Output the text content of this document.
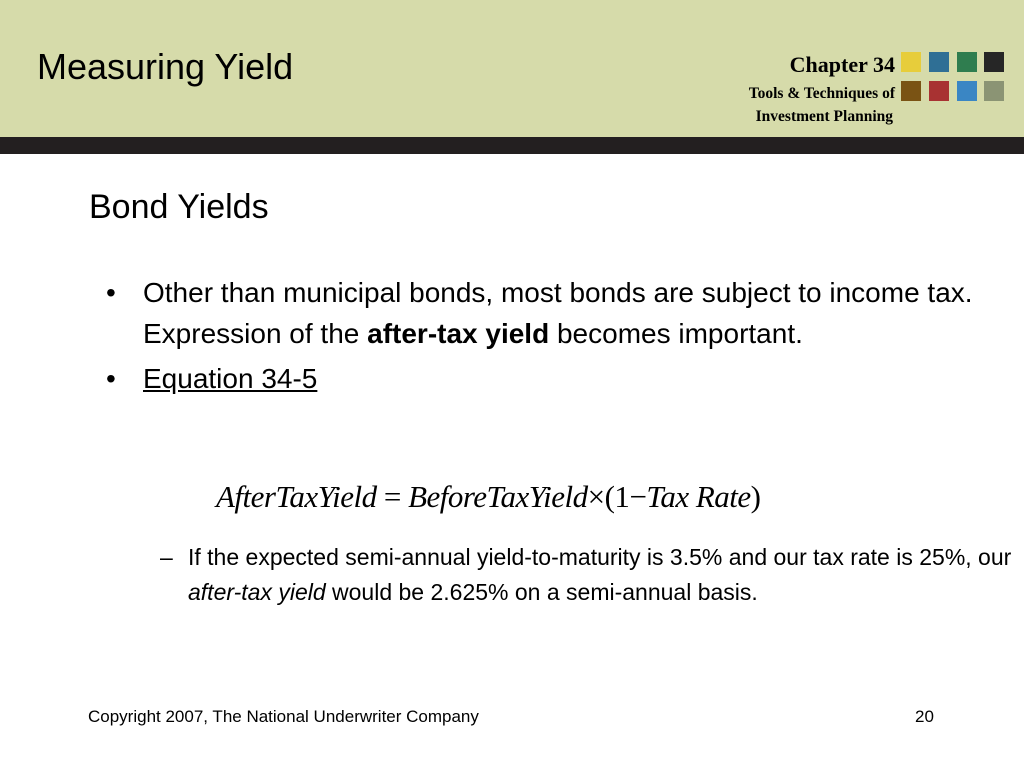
Measuring Yield	Chapter 34
Tools & Techniques of
Investment Planning
Bond Yields
• Other than municipal bonds, most bonds are subject to income tax. Expression of the after-tax yield becomes important.
• Equation 34-5
AfterTaxYield = BeforeTaxYield×(1−Tax Rate)
– If the expected semi-annual yield-to-maturity is 3.5% and our tax rate is 25%, our after-tax yield would be 2.625% on a semi-annual basis.
Copyright 2007, The National Underwriter Company	20
